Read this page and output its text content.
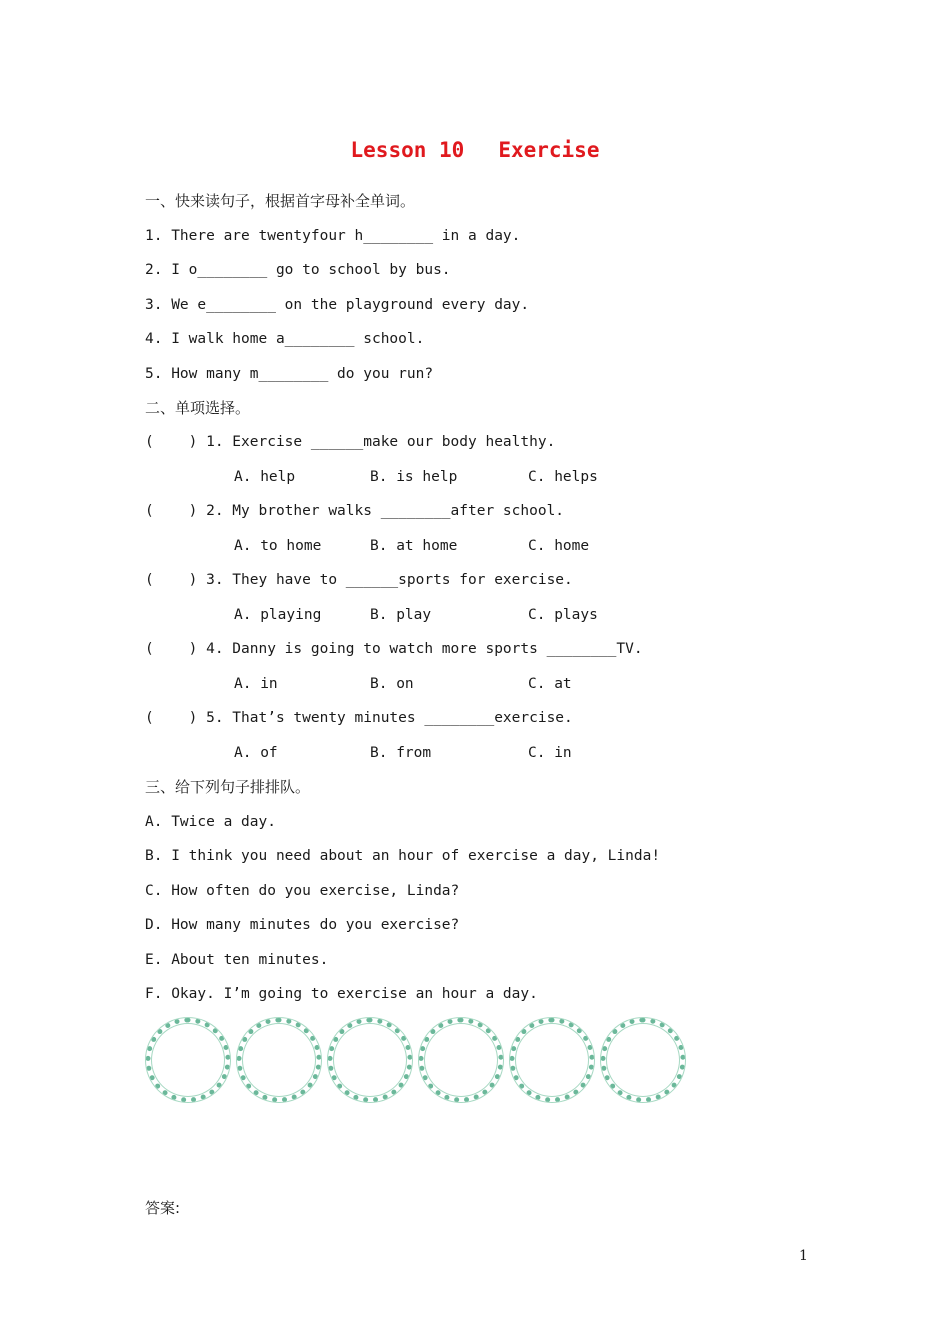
Lesson 10 Exercise
一、快来读句子，根据首字母补全单词。
1. There are twentyfour h________ in a day.
2. I o________ go to school by bus.
3. We e________ on the playground every day.
4. I walk home a________ school.
5. How many m________ do you run?
二、单项选择。
(    ) 1. Exercise ______make our body healthy.
A. help	B. is help	C. helps
(    ) 2. My brother walks ________after school.
A. to home	B. at home	C. home
(    ) 3. They have to ______sports for exercise.
A. playing	B. play	C. plays
(    ) 4. Danny is going to watch more sports ________TV.
A. in	B. on	C. at
(    ) 5. That’s twenty minutes ________exercise.
A. of	B. from	C. in
三、给下列句子排排队。
A. Twice a day.
B. I think you need about an hour of exercise a day, Linda!
C. How often do you exercise, Linda?
D. How many minutes do you exercise?
E. About ten minutes.
F. Okay. I’m going to exercise an hour a day.
答案:
1
